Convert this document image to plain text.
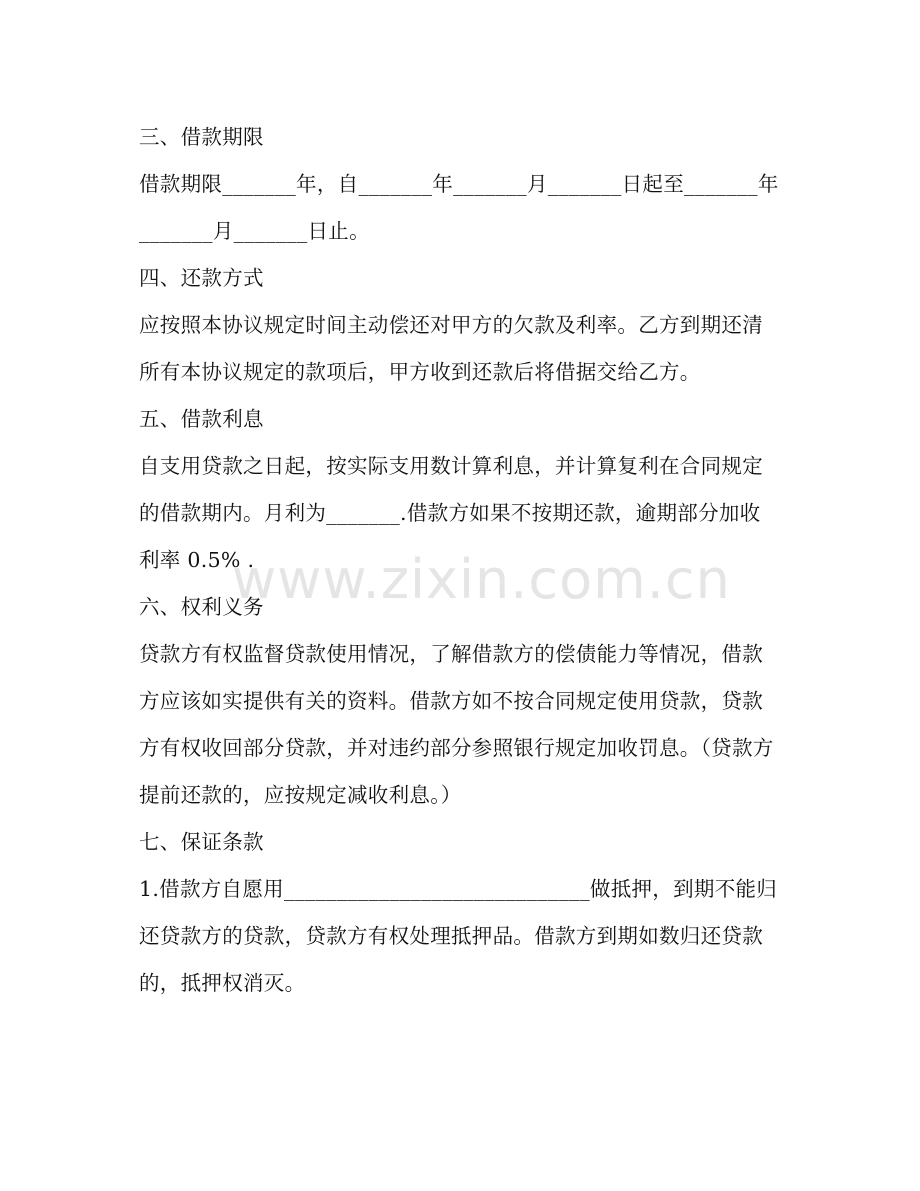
三、借款期限
借款期限_______年，自_______年_______月_______日起至_______年
_______月_______日止。
四、还款方式
应按照本协议规定时间主动偿还对甲方的欠款及利率。乙方到期还清
所有本协议规定的款项后，甲方收到还款后将借据交给乙方。
五、借款利息
自支用贷款之日起，按实际支用数计算利息，并计算复利在合同规定
的借款期内。月利为_______.借款方如果不按期还款，逾期部分加收
利率 0.5% .
六、权利义务
贷款方有权监督贷款使用情况，了解借款方的偿债能力等情况，借款
方应该如实提供有关的资料。借款方如不按合同规定使用贷款，贷款
方有权收回部分贷款，并对违约部分参照银行规定加收罚息。（贷款方
提前还款的，应按规定减收利息。）
七、保证条款
1.借款方自愿用_____________________________做抵押，到期不能归
还贷款方的贷款，贷款方有权处理抵押品。借款方到期如数归还贷款
的，抵押权消灭。
www.zixin.com.cn
